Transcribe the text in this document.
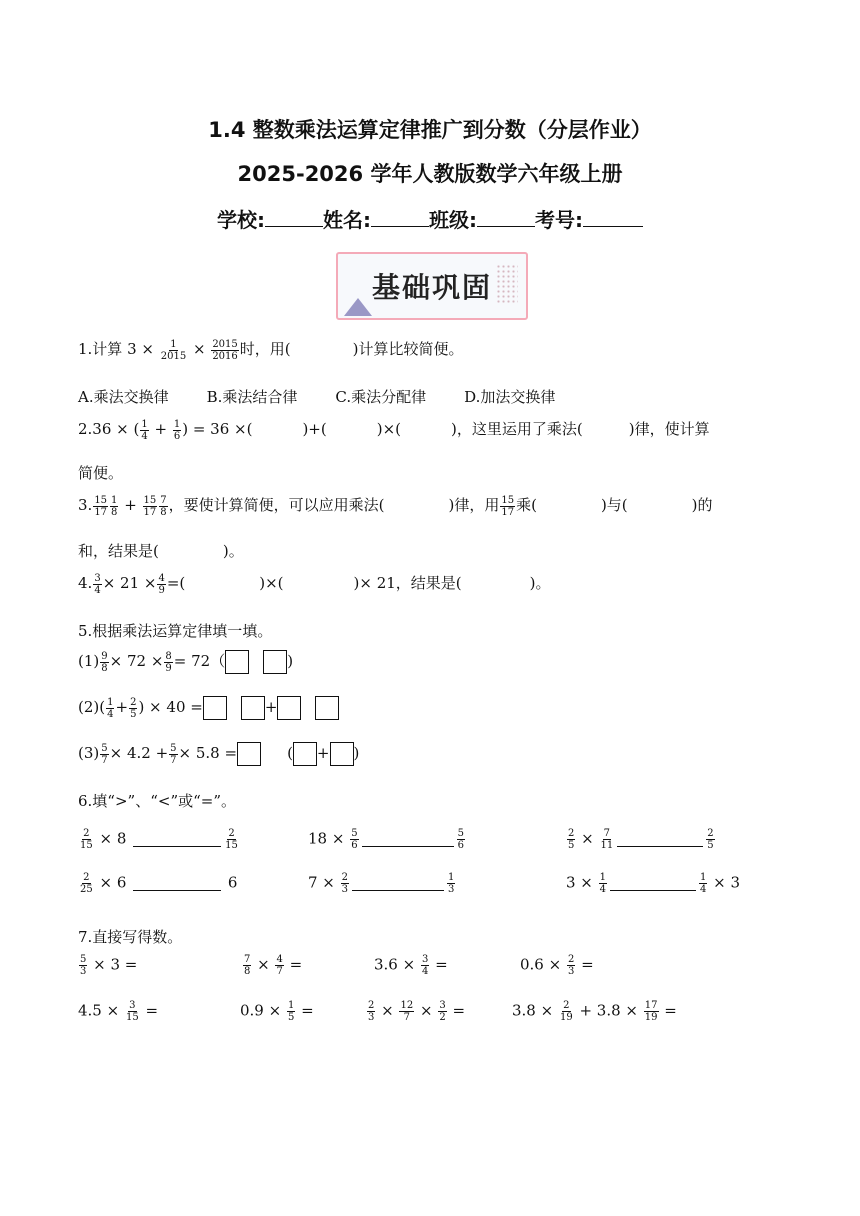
1.4 整数乘法运算定律推广到分数（分层作业）
2025-2026 学年人教版数学六年级上册
学校:	姓名:	班级:	考号:
基础巩固
1.计算 $3 \times \frac{1}{2015} \times \frac{2015}{2016}$ 时，用(	)计算比较简便。
A.乘法交换律	B.乘法结合律	C.乘法分配律	D.加法交换律
2.36 × ( $\frac{1}{4} + \frac{1}{6}$ ) = 36 ×(	)+(	)×(	)，这里运用了乘法(	)律，使计算
简便。
3. $\frac{15}{17} \frac{1}{8} + \frac{15}{17} \frac{7}{8}$ ，要使计算简便，可以应用乘法(	)律，用 $\frac{15}{17}$ 乘(	)与(	)的
和，结果是(	)。
4. $\frac{3}{4} \times 21 \times \frac{4}{9}$ =(	)×(	)× 21，结果是(	)。
5.根据乘法运算定律填一填。
$(1) \frac{9}{8} \times 72 \times \frac{8}{9} = 72$（	)
$(2)( \frac{1}{4} + \frac{2}{5}$ ) × 40 =	+
$(3) \frac{5}{7} \times 4.2 + \frac{5}{7} \times 5.8$ =	( + )
6.填“>”、“<”或“=”。
$\frac{2}{15} \times 8$	$\frac{2}{15}$	$18 \times \frac{5}{6}$	$\frac{5}{6}$	$\frac{2}{5} \times \frac{7}{11}$	$\frac{2}{5}$
$\frac{2}{25} \times 6$	6	$7 \times \frac{2}{3}$	$\frac{1}{3}$	$3 \times \frac{1}{4}$	$\frac{1}{4} \times 3$
7.直接写得数。
$\frac{5}{3} \times 3$ =	$\frac{7}{8} \times \frac{4}{7}$ =	$3.6 \times \frac{3}{4}$ =	$0.6 \times \frac{2}{3}$ =
$4.5 \times \frac{3}{15}$ =	$0.9 \times \frac{1}{5}$ =	$\frac{2}{3} \times \frac{12}{7} \times \frac{3}{2}$ =	$3.8 \times \frac{2}{19} + 3.8 \times \frac{17}{19}$ =
